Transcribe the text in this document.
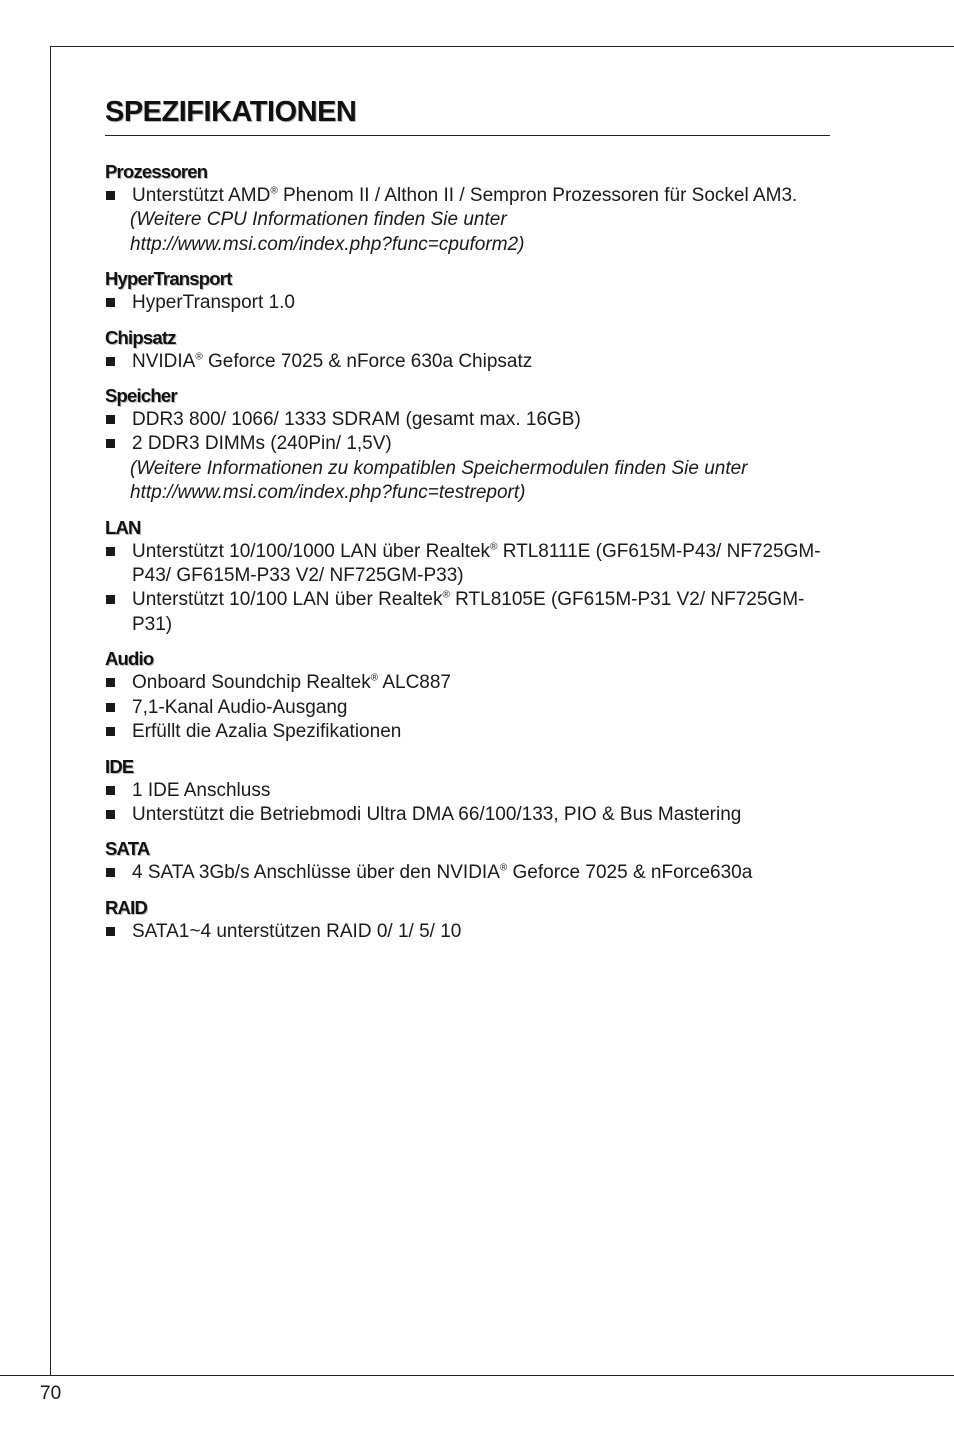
SPEZIFIKATIONEN
Prozessoren
Unterstützt AMD® Phenom II / Althon II / Sempron Prozessoren für Sockel AM3.
(Weitere CPU Informationen finden Sie unter
http://www.msi.com/index.php?func=cpuform2)
HyperTransport
HyperTransport 1.0
Chipsatz
NVIDIA® Geforce 7025 & nForce 630a Chipsatz
Speicher
DDR3 800/ 1066/ 1333 SDRAM (gesamt max. 16GB)
2 DDR3 DIMMs (240Pin/ 1,5V)
(Weitere Informationen zu kompatiblen Speichermodulen finden Sie unter
http://www.msi.com/index.php?func=testreport)
LAN
Unterstützt 10/100/1000 LAN über Realtek® RTL8111E (GF615M-P43/ NF725GM-P43/ GF615M-P33 V2/ NF725GM-P33)
Unterstützt 10/100 LAN über Realtek® RTL8105E (GF615M-P31 V2/ NF725GM-P31)
Audio
Onboard Soundchip Realtek® ALC887
7,1-Kanal Audio-Ausgang
Erfüllt die Azalia Spezifikationen
IDE
1 IDE Anschluss
Unterstützt die Betriebmodi Ultra DMA 66/100/133, PIO & Bus Mastering
SATA
4 SATA 3Gb/s Anschlüsse über den NVIDIA® Geforce 7025 & nForce630a
RAID
SATA1~4 unterstützen RAID 0/ 1/ 5/ 10
70
